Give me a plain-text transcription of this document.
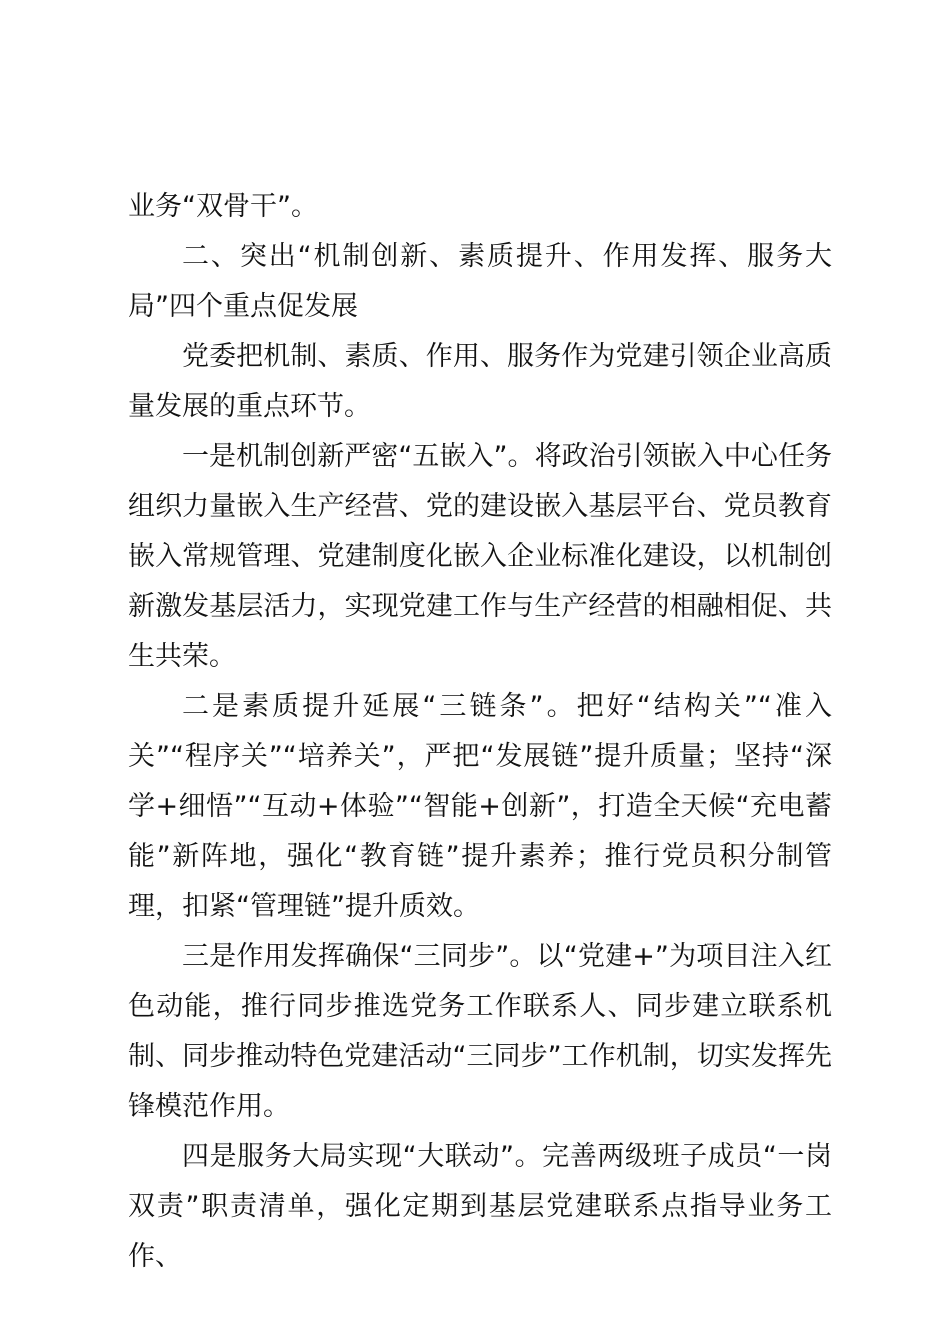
业务“双骨干”。

二、突出“机制创新、素质提升、作用发挥、服务大局”四个重点促发展

党委把机制、素质、作用、服务作为党建引领企业高质量发展的重点环节。

一是机制创新严密“五嵌入”。将政治引领嵌入中心任务组织力量嵌入生产经营、党的建设嵌入基层平台、党员教育嵌入常规管理、党建制度化嵌入企业标准化建设，以机制创新激发基层活力，实现党建工作与生产经营的相融相促、共生共荣。

二是素质提升延展“三链条”。把好“结构关”“准入关”“程序关”“培养关”，严把“发展链”提升质量；坚持“深学+细悟”“互动+体验”“智能+创新”，打造全天候“充电蓄能”新阵地，强化“教育链”提升素养；推行党员积分制管理，扣紧“管理链”提升质效。

三是作用发挥确保“三同步”。以“党建+”为项目注入红色动能，推行同步推选党务工作联系人、同步建立联系机制、同步推动特色党建活动“三同步”工作机制，切实发挥先锋模范作用。

四是服务大局实现“大联动”。完善两级班子成员“一岗双责”职责清单，强化定期到基层党建联系点指导业务工作、
